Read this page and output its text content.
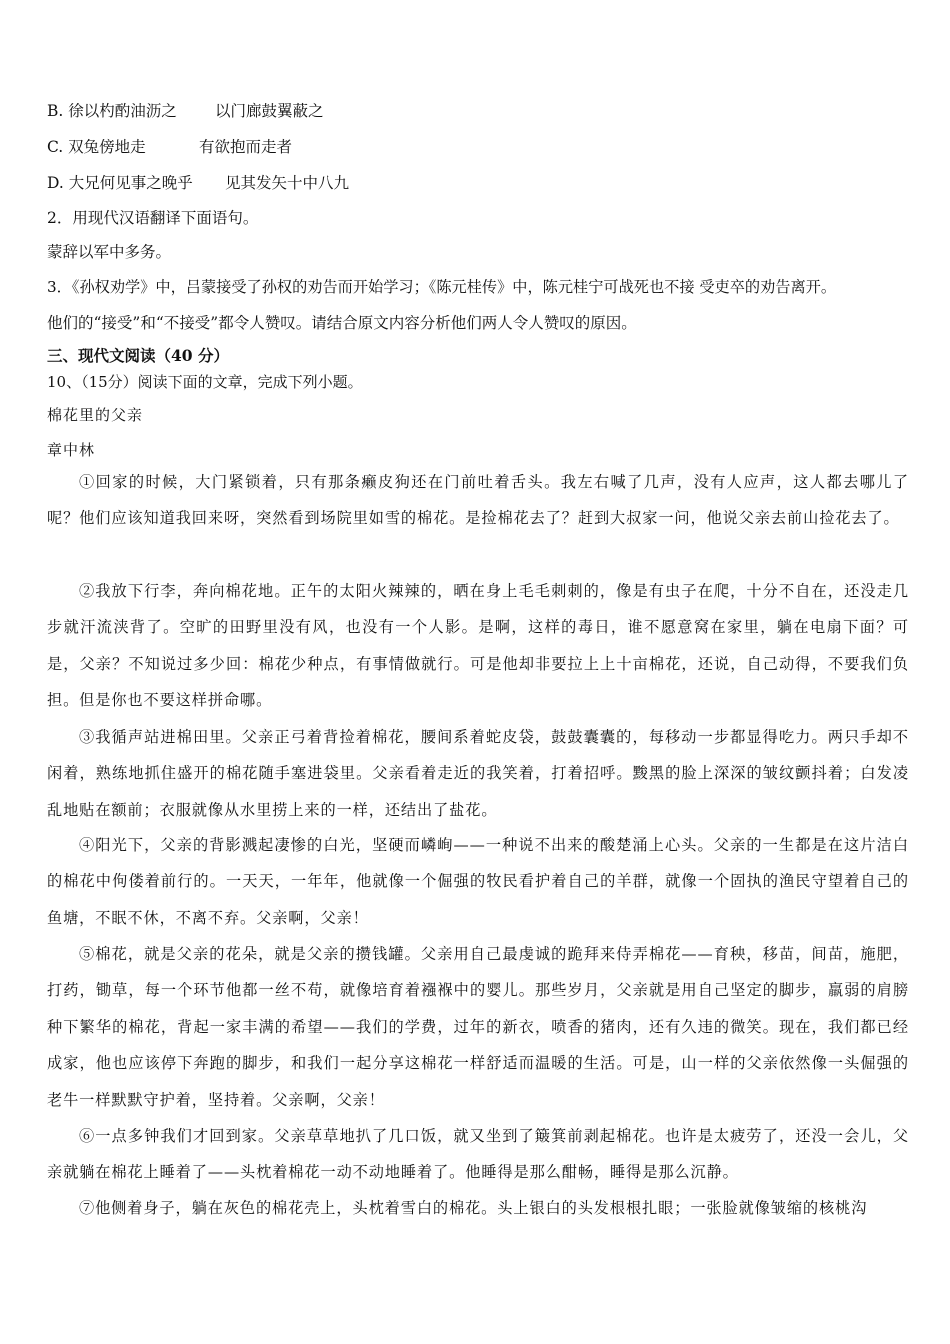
B. 徐以杓酌油沥之 以门廊鼓翼蔽之
C. 双兔傍地走	有欲抱而走者
D. 大兄何见事之晚乎 见其发矢十中八九
2．用现代汉语翻译下面语句。
蒙辞以军中多务。
3．《孙权劝学》中，吕蒙接受了孙权的劝告而开始学习；《陈元桂传》中，陈元桂宁可战死也不接 受吏卒的劝告离开。
他们的“接受”和“不接受”都令人赞叹。请结合原文内容分析他们两人令人赞叹的原因。
三、现代文阅读（40 分）
10、（15分）阅读下面的文章，完成下列小题。
棉花里的父亲
章中林

①回家的时候，大门紧锁着，只有那条癞皮狗还在门前吐着舌头。我左右喊了几声，没有人应声，这人都去哪儿了呢？他们应该知道我回来呀，突然看到场院里如雪的棉花。是捡棉花去了？赶到大叔家一问，他说父亲去前山捡花去了。

②我放下行李，奔向棉花地。正午的太阳火辣辣的，晒在身上毛毛刺刺的，像是有虫子在爬，十分不自在，还没走几步就汗流浃背了。空旷的田野里没有风，也没有一个人影。是啊，这样的毒日，谁不愿意窝在家里，躺在电扇下面？可是，父亲？不知说过多少回：棉花少种点，有事情做就行。可是他却非要拉上上十亩棉花，还说，自己动得，不要我们负担。但是你也不要这样拼命哪。

③我循声站进棉田里。父亲正弓着背捡着棉花，腰间系着蛇皮袋，鼓鼓囊囊的，每移动一步都显得吃力。两只手却不闲着，熟练地抓住盛开的棉花随手塞进袋里。父亲看着走近的我笑着，打着招呼。黢黑的脸上深深的皱纹颤抖着；白发凌乱地贴在额前；衣服就像从水里捞上来的一样，还结出了盐花。

④阳光下，父亲的背影溅起凄惨的白光，坚硬而嶙峋——一种说不出来的酸楚涌上心头。父亲的一生都是在这片洁白的棉花中佝偻着前行的。一天天，一年年，他就像一个倔强的牧民看护着自己的羊群，就像一个固执的渔民守望着自己的鱼塘，不眠不休，不离不弃。父亲啊，父亲！

⑤棉花，就是父亲的花朵，就是父亲的攒钱罐。父亲用自己最虔诚的跪拜来侍弄棉花——育秧，移苗，间苗，施肥，打药，锄草，每一个环节他都一丝不苟，就像培育着襁褓中的婴儿。那些岁月，父亲就是用自己坚定的脚步，羸弱的肩膀种下繁华的棉花，背起一家丰满的希望——我们的学费，过年的新衣，喷香的猪肉，还有久违的微笑。现在，我们都已经成家，他也应该停下奔跑的脚步，和我们一起分享这棉花一样舒适而温暖的生活。可是，山一样的父亲依然像一头倔强的老牛一样默默守护着，坚持着。父亲啊，父亲！

⑥一点多钟我们才回到家。父亲草草地扒了几口饭，就又坐到了簸箕前剥起棉花。也许是太疲劳了，还没一会儿，父亲就躺在棉花上睡着了——头枕着棉花一动不动地睡着了。他睡得是那么酣畅，睡得是那么沉静。

⑦他侧着身子，躺在灰色的棉花壳上，头枕着雪白的棉花。头上银白的头发根根扎眼；一张脸就像皱缩的核桃沟
